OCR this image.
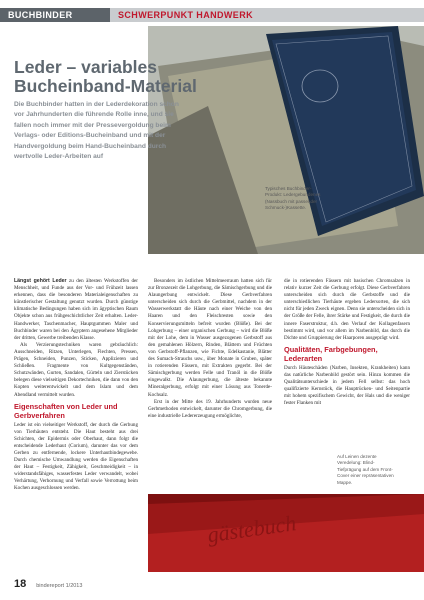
BUCHBINDER	SCHWERPUNKT HANDWERK
Typisches Buchbinder-Produkt: Ledergebundenes (Nassbuch mit passender Schmuck-)Kassette.
Leder – variables Bucheinband-Material
Die Buchbinder hatten in der Lederdekoration schon vor Jahrhunderten die führende Rolle inne, und sie fallen noch immer mit der Pressevergoldung beim Verlags- oder Editions-Bucheinband und mit der Handvergoldung beim Hand-Bucheinband durch wertvolle Leder-Arbeiten auf

Längst gehört Leder zu den ältesten Werkstoffen der Menschheit, und Funde aus der Vor- und Frühzeit lassen erkennen, dass die besonderen Materialeigenschaften zu künstlerischer Gestaltung genutzt wurden. Durch günstige klimatische Bedingungen haben sich im ägyptischen Raum Objekte schon aus frühgeschichtlicher Zeit erhalten. Leder-Handwerker, Taschenmacher, Hauptgummen Maler und Buchbinder waren bei den Ägyptern angesehene Mitglieder der dritten, Gewerbe treibenden Klasse.

Als Verzierungstechniken waren gebräuchlich: Ausschneiden, Ritzen, Unterlegen, Flechten, Pressen, Prägen, Schneiden, Punzen, Sticken, Applizieren und Schließen. Fragmente von Kultgegenständen, Schutzwänden, Gurten, Sandalen, Gürteln und Zierstücken belegen diese vielseitigen Dekortechniken, die dann von den Kopten weiterentwickelt und dem Islam und dem Abendland vermittelt wurden.

Eigenschaften von Leder und Gerbverfahren

Leder ist ein vielseitiger Werkstoff, der durch die Gerbung von Tierhäuten entsteht. Die Haut besteht aus drei Schichten, der Epidermis oder Oberhaut, dann folgt die entscheidende Lederhaut (Corium), darunter das vor dem Gerben zu entfernende, lockere Unterhautbindegewebe. Durch chemische Umwandlung werden die Eigenschaften der Haut – Festigkeit, Zähigkeit, Geschmeidigkeit – in widerstandsfähiges, wasserfestes Leder verwandelt, wobei Verhärtung, Verhornung und Verfall sowie Verrottung beim Kochen ausgeschlossen werden.

Besonders im östlichen Mittelmeerraum hatten sich für zur Bronzezeit die Lohgerbung, die Sämischgerbung und die Alaungerbung entwickelt. Diese Gerbverfahren unterscheiden sich durch die Gerbmittel, nachdem in der Wasserwerkstatt die Häute nach einer Weiche von den Haaren und den Fleischresten sowie den Konservierungsmitteln befreit wurden (Blöße). Bei der Lohgerbung – einer organischen Gerbung – wird die Blöße mit der Lohe, dem in Wasser ausgezogenen Gerbstoff aus den gemahlenen Hölzern, Rinden, Blättern und Früchten von Gerbstoff-Pflanzen, wie Fichte, Edelkastanie, Blätter des Sumach-Strauchs usw., über Monate in Gruben, später in rotierenden Fässern, mit Extrakten gegerbt. Bei der Sämischgerbung werden Felle und Tranöl in die Blöße eingewalkt. Die Alaungerbung, die älteste bekannte Mineralgerbung, erfolgt mit einer Lösung aus Tonerde-Kochsalz.

Erst in der Mitte des 19. Jahrhunderts wurden neue Gerbmethoden entwickelt, darunter die Chromgerbung, die eine industrielle Ledererzeugung ermöglichte,

die in rotierenden Fässern mit basischen Chromsalzen in relativ kurzer Zeit die Gerbung erfolgt. Diese Gerbverfahren unterscheiden sich durch die Gerbstoffe und die unterschiedlichen Tierhäute ergeben Ledersorten, die sich nicht für jeden Zweck eignen. Denn sie unterscheiden sich in der Größe der Felle, ihrer Stärke und Festigkeit, die durch die innere Faserstruktur, d.h. den Verlauf der Kollagenfasern bestimmt wird, und vor allem im Narbenbild, das durch die Dichte und Gruppierung der Haarporen ausgeprägt wird.

Qualitäten, Farbgebungen, Lederarten

Durch Häuteschäden (Narben, Insekten, Krankheiten) kann das natürliche Narbenbild gestört sein. Hinzu kommen die Qualitätsunterschiede in jedem Fell selbst: das hoch qualifizierte Kernstück, die Hauptrücken- und Seitenpartie mit hohem spezifischem Gewicht, der Hals und die weniger fester Flanken mit

Auf Leinen dezente Veredelung: Blind-Tiefprägung auf dem Front-Cover einer repräsentativen Mappe.
gästebuch
18 bindereport 1/2013
